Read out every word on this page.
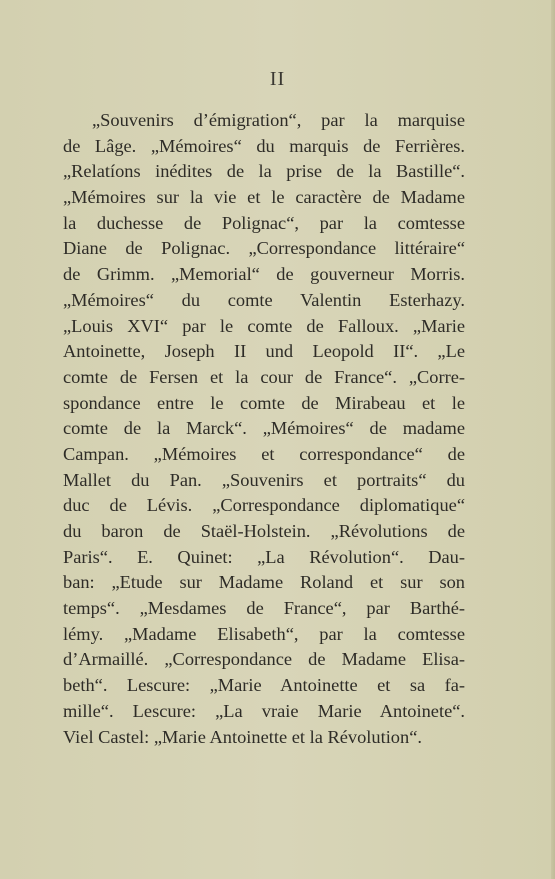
II
„Souvenirs d’émigration“, par la marquise
de Lâge. „Mémoires“ du marquis de Ferrières.
„Relatíons inédites de la prise de la Bastille“.
„Mémoires sur la vie et le caractère de Madame
la duchesse de Polignac“, par la comtesse
Diane de Polignac. „Correspondance littéraire“
de Grimm. „Memorial“ de gouverneur Morris.
„Mémoires“ du comte Valentin Esterhazy.
„Louis XVI“ par le comte de Falloux. „Marie
Antoinette, Joseph II und Leopold II“. „Le
comte de Fersen et la cour de France“. „Corre-
spondance entre le comte de Mirabeau et le
comte de la Marck“. „Mémoires“ de madame
Campan. „Mémoires et correspondance“ de
Mallet du Pan. „Souvenirs et portraits“ du
duc de Lévis. „Correspondance diplomatique“
du baron de Staël-Holstein. „Révolutions de
Paris“. E. Quinet: „La Révolution“. Dau-
ban: „Etude sur Madame Roland et sur son
temps“. „Mesdames de France“, par Barthé-
lémy. „Madame Elisabeth“, par la comtesse
d’Armaillé. „Correspondance de Madame Elisa-
beth“. Lescure: „Marie Antoinette et sa fa-
mille“. Lescure: „La vraie Marie Antoinete“.
Viel Castel: „Marie Antoinette et la Révolution“.
